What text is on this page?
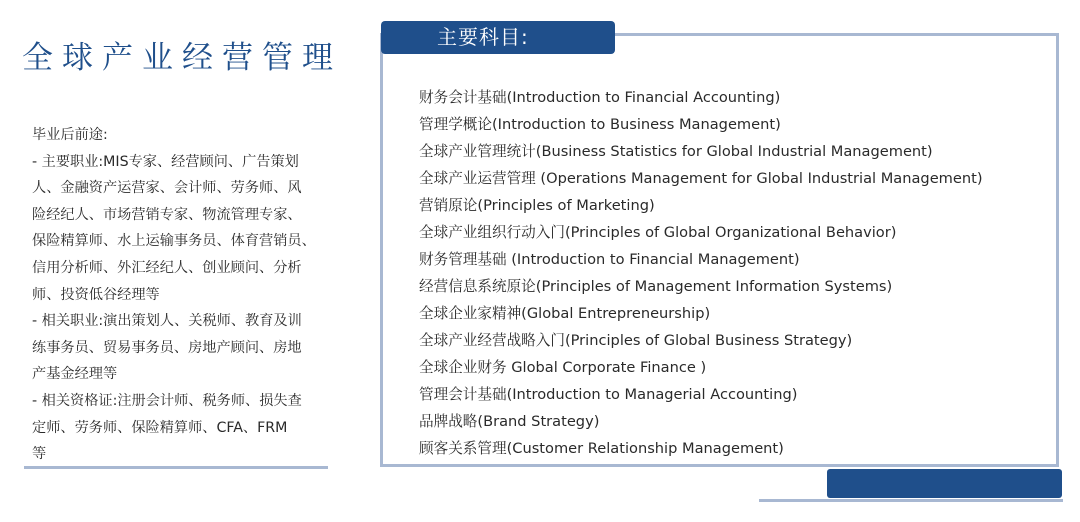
全球产业经营管理
毕业后前途:
- 主要职业:MIS专家、经营顾问、广告策划
人、金融资产运营家、会计师、劳务师、风
险经纪人、市场营销专家、物流管理专家、
保险精算师、水上运输事务员、体育营销员、
信用分析师、外汇经纪人、创业顾问、分析
师、投资低谷经理等
- 相关职业:演出策划人、关税师、教育及训
练事务员、贸易事务员、房地产顾问、房地
产基金经理等
- 相关资格证:注册会计师、税务师、损失查
定师、劳务师、保险精算师、CFA、FRM
等
主要科目:
财务会计基础(Introduction to Financial Accounting)
管理学概论(Introduction to Business Management)
全球产业管理统计(Business Statistics for Global Industrial Management)
全球产业运营管理 (Operations Management for Global Industrial Management)
营销原论(Principles of Marketing)
全球产业组织行动入门(Principles of Global Organizational Behavior)
财务管理基础 (Introduction to Financial Management)
经营信息系统原论(Principles of Management Information Systems)
全球企业家精神(Global Entrepreneurship)
全球产业经营战略入门(Principles of Global Business Strategy)
全球企业财务 Global Corporate Finance )
管理会计基础(Introduction to Managerial Accounting)
品牌战略(Brand Strategy)
顾客关系管理(Customer Relationship Management)
